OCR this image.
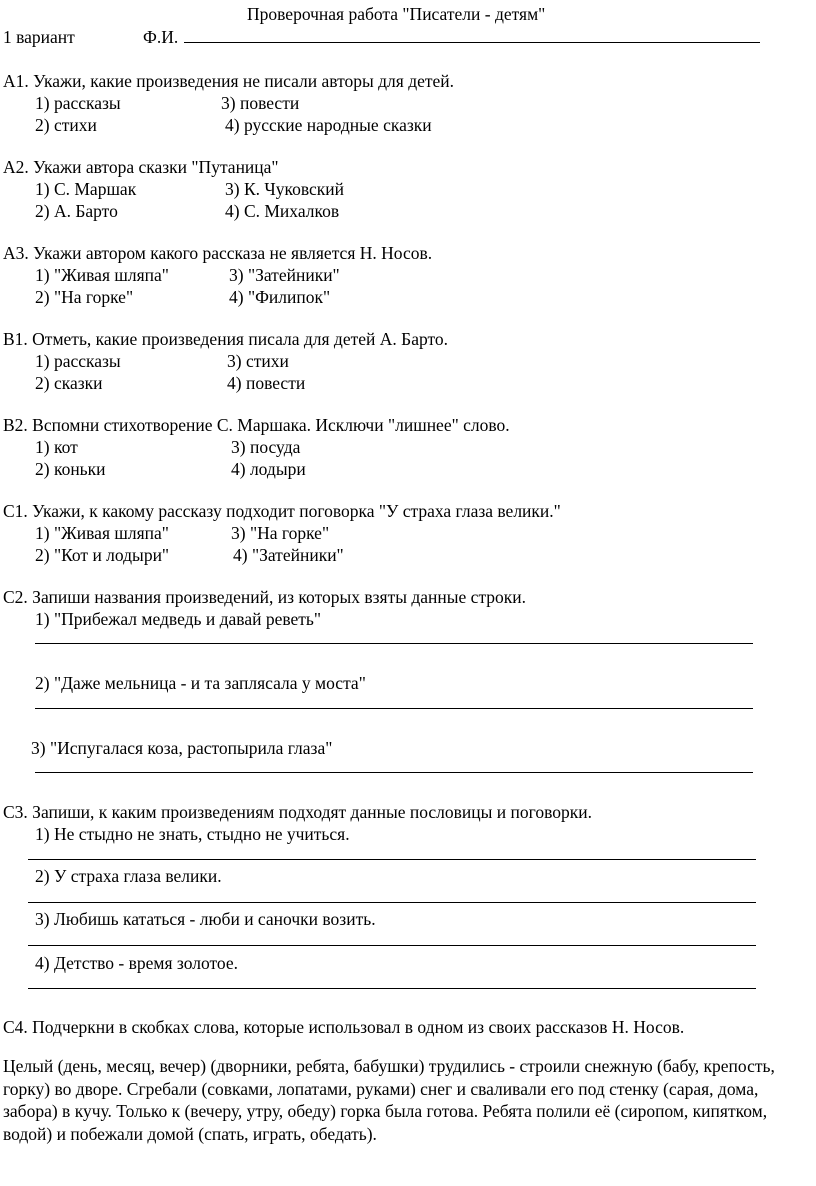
Проверочная работа "Писатели - детям"
1 вариант	Ф.И.
А1. Укажи, какие произведения не писали авторы для детей.
1) рассказы	3) повести
2) стихи	4) русские народные сказки
А2. Укажи автора сказки "Путаница"
1) С. Маршак	3) К. Чуковский
2) А. Барто	4) С. Михалков
А3. Укажи автором какого рассказа не является Н. Носов.
1) "Живая шляпа"	3) "Затейники"
2) "На горке"	4) "Филипок"
В1. Отметь, какие произведения писала для детей А. Барто.
1) рассказы	3) стихи
2) сказки	4) повести
В2. Вспомни стихотворение С. Маршака. Исключи "лишнее" слово.
1) кот	3) посуда
2) коньки	4) лодыри
С1. Укажи, к какому рассказу подходит поговорка "У страха глаза велики."
1) "Живая шляпа"	3) "На горке"
2) "Кот и лодыри"	4) "Затейники"
С2. Запиши названия произведений, из которых взяты данные строки.
1) "Прибежал медведь и давай реветь"
2) "Даже мельница - и та заплясала у моста"
3) "Испугалася коза, растопырила глаза"
С3. Запиши, к каким произведениям подходят данные пословицы и поговорки.
1) Не стыдно не знать, стыдно не учиться.
2) У страха глаза велики.
3) Любишь кататься - люби и саночки возить.
4) Детство - время золотое.
С4. Подчеркни в скобках слова, которые использовал в одном из своих рассказов Н. Носов.
Целый (день, месяц, вечер) (дворники, ребята, бабушки) трудились - строили снежную (бабу, крепость, горку) во дворе. Сгребали (совками, лопатами, руками) снег и сваливали его под стенку (сарая, дома, забора) в кучу. Только к (вечеру, утру, обеду) горка была готова. Ребята полили её (сиропом, кипятком, водой) и побежали домой (спать, играть, обедать).
